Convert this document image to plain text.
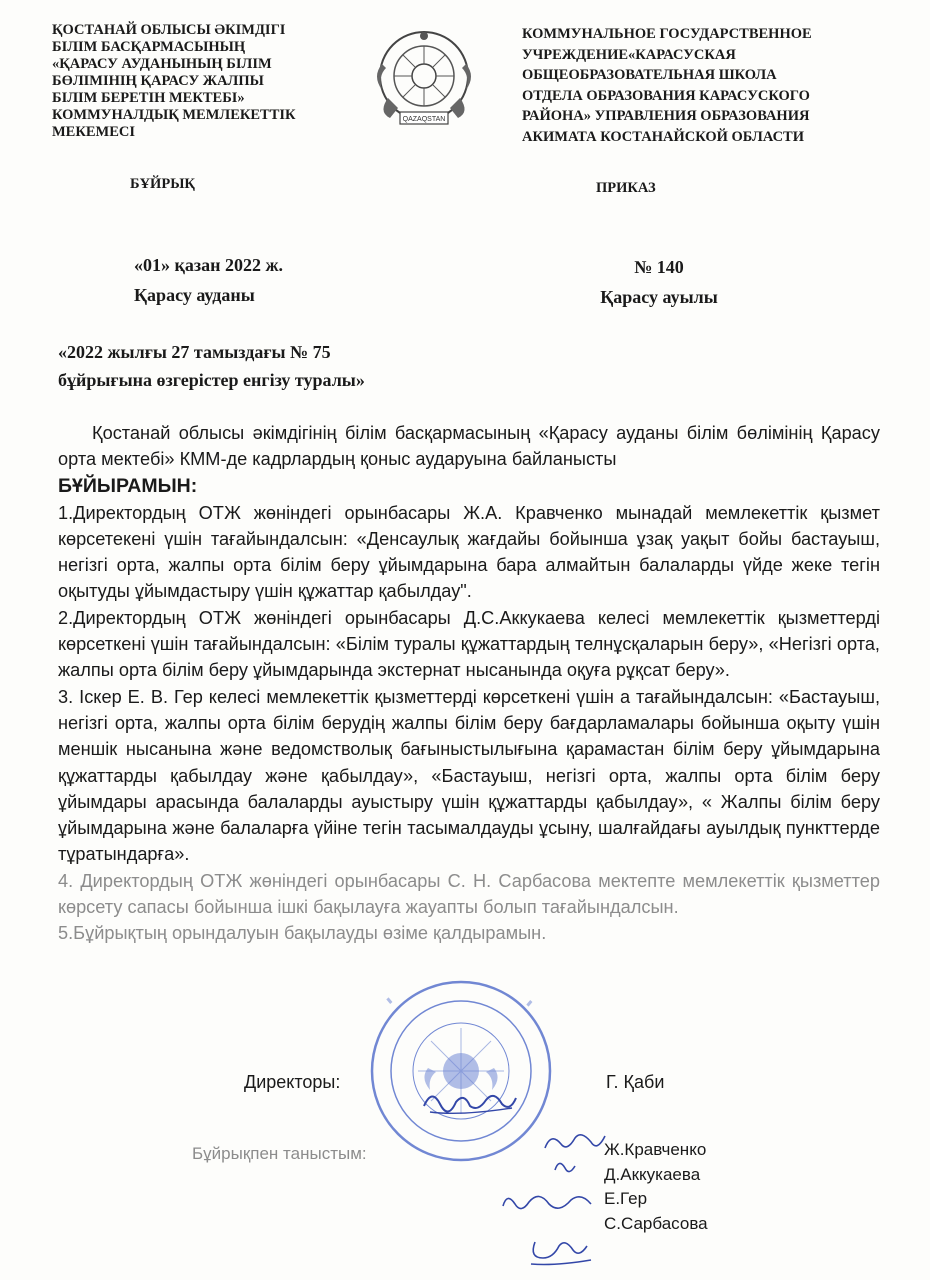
ҚОСТАНАЙ ОБЛЫСЫ ӘКІМДІГІ
БІЛІМ БАСҚАРМАСЫНЫҢ
«ҚАРАСУ АУДАНЫНЫҢ БІЛІМ
БӨЛІМІНІҢ ҚАРАСУ ЖАЛПЫ
БІЛІМ БЕРЕТІН МЕКТЕБІ»
КОММУНАЛДЫҚ МЕМЛЕКЕТТІК
МЕКЕМЕСІ
QAZAQSTAN
КОММУНАЛЬНОЕ ГОСУДАРСТВЕННОЕ
УЧРЕЖДЕНИЕ«КАРАСУСКАЯ
ОБЩЕОБРАЗОВАТЕЛЬНАЯ ШКОЛА
ОТДЕЛА ОБРАЗОВАНИЯ КАРАСУСКОГО
РАЙОНА» УПРАВЛЕНИЯ ОБРАЗОВАНИЯ
АКИМАТА КОСТАНАЙСКОЙ ОБЛАСТИ
БҰЙРЫҚ	ПРИКАЗ
«01» қазан 2022 ж.
Қарасу ауданы
№ 140
Қарасу ауылы
«2022 жылғы 27 тамыздағы № 75
бұйрығына өзгерістер енгізу туралы»

Қостанай облысы әкімдігінің білім басқармасының «Қарасу ауданы білім бөлімінің Қарасу орта мектебі» КММ-де кадрлардың қоныс аударуына байланысты

БҰЙЫРАМЫН:

1.Директордың ОТЖ жөніндегі орынбасары Ж.А. Кравченко мынадай мемлекеттік қызмет көрсетекені үшін тағайындалсын: «Денсаулық жағдайы бойынша ұзақ уақыт бойы бастауыш, негізгі орта, жалпы орта білім беру ұйымдарына бара алмайтын балаларды үйде жеке тегін оқытуды ұйымдастыру үшін құжаттар қабылдау".

2.Директордың ОТЖ жөніндегі орынбасары Д.С.Аккукаева келесі мемлекеттік қызметтерді көрсеткені үшін тағайындалсын: «Білім туралы құжаттардың телнұсқаларын беру», «Негізгі орта, жалпы орта білім беру ұйымдарында экстернат нысанында оқуға рұқсат беру».

3. Іскер Е. В. Гер келесі мемлекеттік қызметтерді көрсеткені үшін а тағайындалсын: «Бастауыш, негізгі орта, жалпы орта білім берудің жалпы білім беру бағдарламалары бойынша оқыту үшін меншік нысанына және ведомстволық бағыныстылығына қарамастан білім беру ұйымдарына құжаттарды қабылдау және қабылдау», «Бастауыш, негізгі орта, жалпы орта білім беру ұйымдары арасында балаларды ауыстыру үшін құжаттарды қабылдау», « Жалпы білім беру ұйымдарына және балаларға үйіне тегін тасымалдауды ұсыну, шалғайдағы ауылдық пункттерде тұратындарға».

4. Директордың ОТЖ жөніндегі орынбасары С. Н. Сарбасова мектепте мемлекеттік қызметтер көрсету сапасы бойынша ішкі бақылауға жауапты болып тағайындалсын.

5.Бұйрықтың орындалуын бақылауды өзіме қалдырамын.

Директоры:	Г. Қаби
Бұйрықпен таныстым:	Ж.Кравченко
Д.Аккукаева
Е.Гер
С.Сарбасова
